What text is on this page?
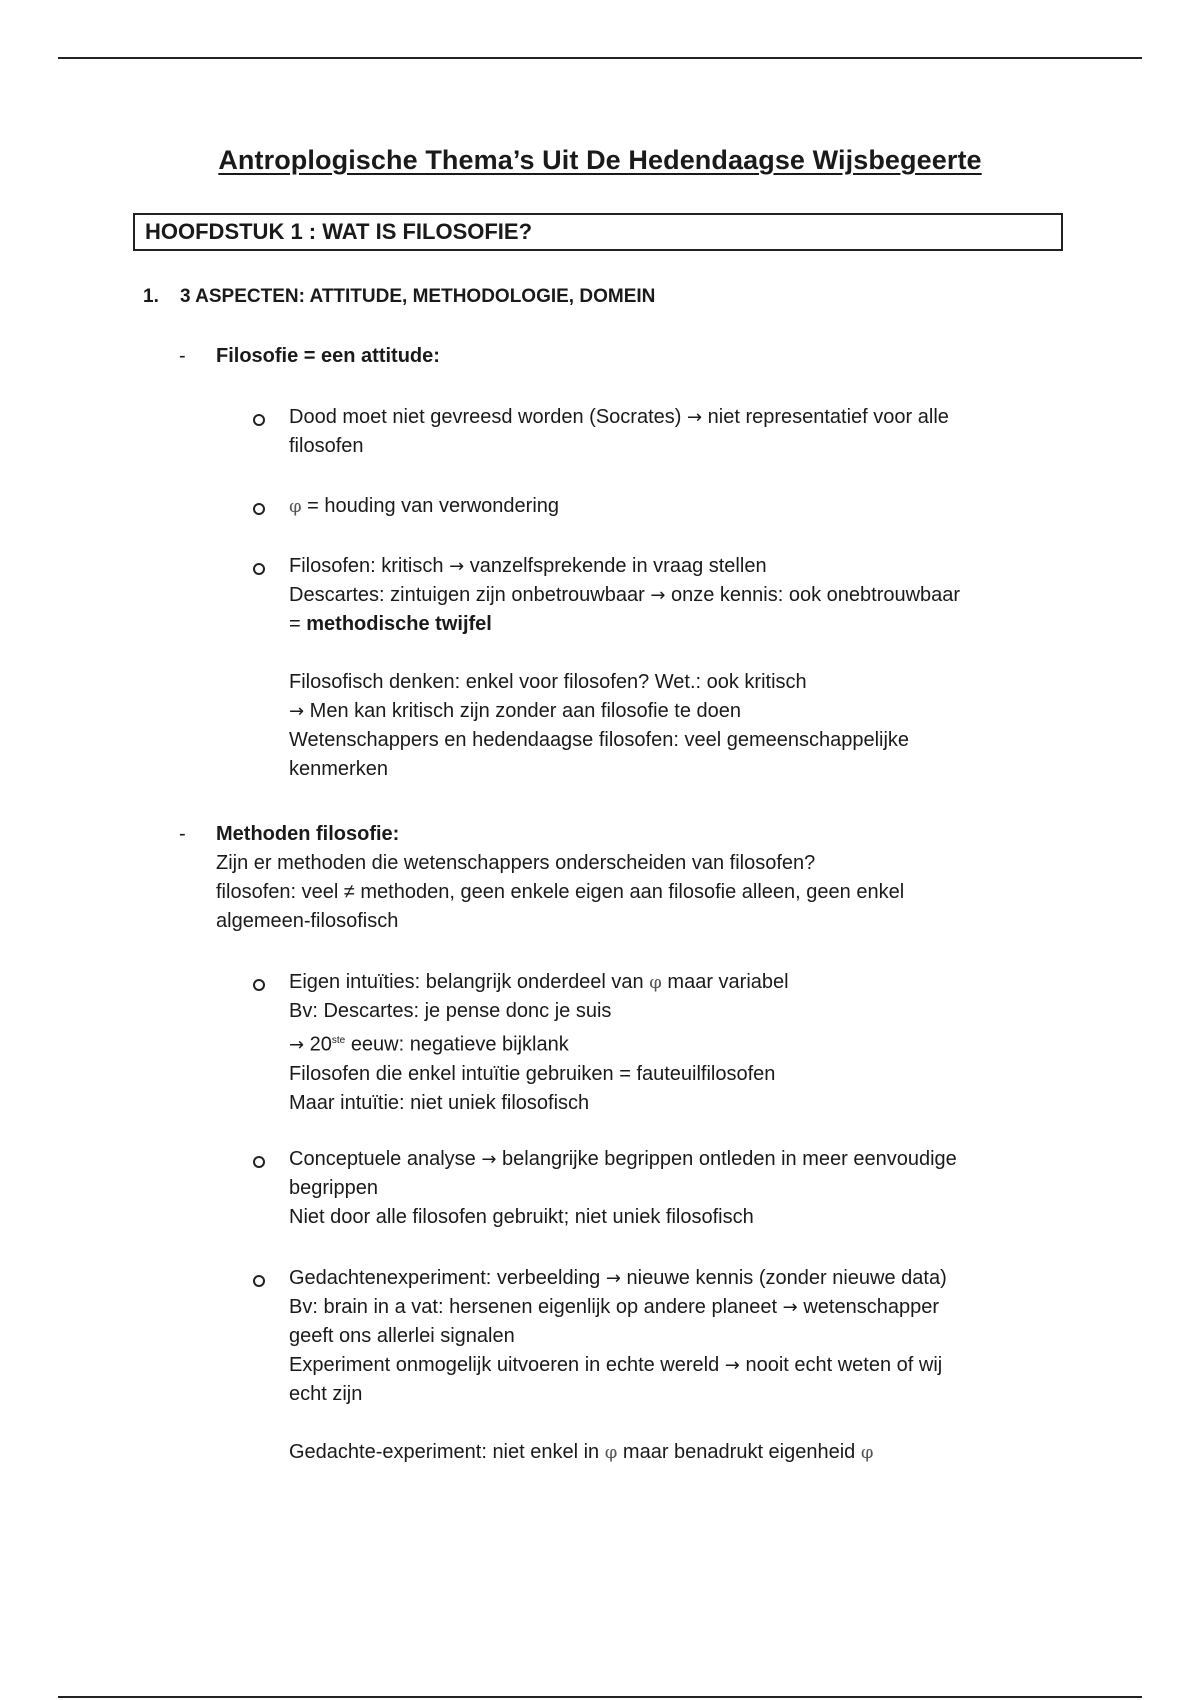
Antroplogische Thema’s Uit De Hedendaagse Wijsbegeerte
HOOFDSTUK 1 : WAT IS FILOSOFIE?
1. 3 ASPECTEN: ATTITUDE, METHODOLOGIE, DOMEIN
- Filosofie = een attitude:
Dood moet niet gevreesd worden (Socrates) → niet representatief voor alle
filosofen
φ = houding van verwondering
Filosofen: kritisch → vanzelfsprekende in vraag stellen
Descartes: zintuigen zijn onbetrouwbaar → onze kennis: ook onebtrouwbaar
= methodische twijfel
Filosofisch denken: enkel voor filosofen? Wet.: ook kritisch
→ Men kan kritisch zijn zonder aan filosofie te doen
Wetenschappers en hedendaagse filosofen: veel gemeenschappelijke
kenmerken
- Methoden filosofie:
Zijn er methoden die wetenschappers onderscheiden van filosofen?
filosofen: veel ≠ methoden, geen enkele eigen aan filosofie alleen, geen enkel
algemeen-filosofisch
Eigen intuïties: belangrijk onderdeel van φ maar variabel
Bv: Descartes: je pense donc je suis
→ 20ste eeuw: negatieve bijklank
Filosofen die enkel intuïtie gebruiken = fauteuilfilosofen
Maar intuïtie: niet uniek filosofisch
Conceptuele analyse → belangrijke begrippen ontleden in meer eenvoudige
begrippen
Niet door alle filosofen gebruikt; niet uniek filosofisch
Gedachtenexperiment: verbeelding → nieuwe kennis (zonder nieuwe data)
Bv: brain in a vat: hersenen eigenlijk op andere planeet → wetenschapper
geeft ons allerlei signalen
Experiment onmogelijk uitvoeren in echte wereld → nooit echt weten of wij
echt zijn
Gedachte-experiment: niet enkel in φ maar benadrukt eigenheid φ
